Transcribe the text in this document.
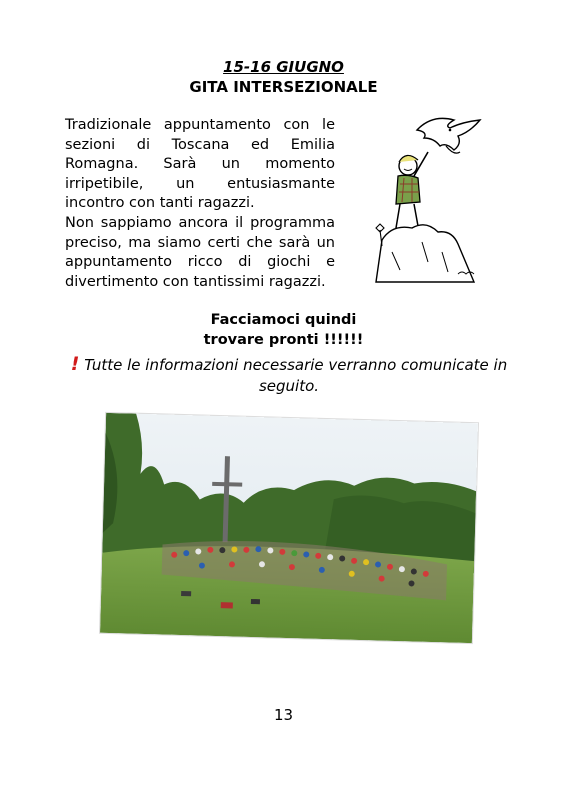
15-16 GIUGNO
GITA INTERSEZIONALE

Tradizionale appuntamento con le sezioni di Toscana ed Emilia Romagna. Sarà un momento irripetibile, un entusiasmante incontro con tanti ragazzi.

Non sappiamo ancora il programma preciso, ma siamo certi che sarà un appuntamento ricco di giochi e divertimento con tantissimi ragazzi.

Facciamoci quindi
trovare pronti !!!!!!
! Tutte le informazioni necessarie verranno comunicate in seguito.
13
